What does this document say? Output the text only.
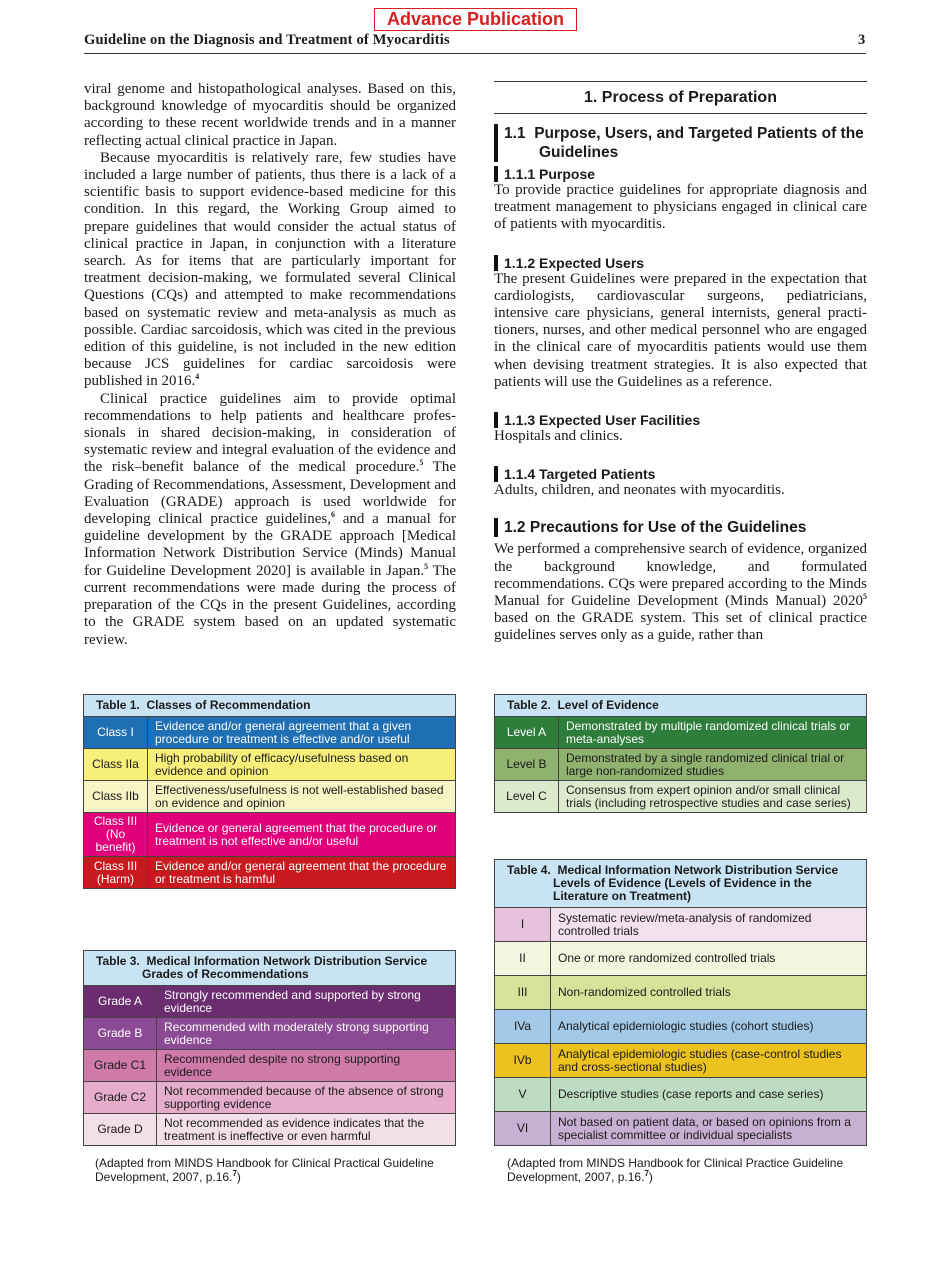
Advance Publication
Guideline on the Diagnosis and Treatment of Myocarditis	3

viral genome and histopathological analyses. Based on this, background knowledge of myocarditis should be organized according to these recent worldwide trends and in a manner reflecting actual clinical practice in Japan.

Because myocarditis is relatively rare, few studies have included a large number of patients, thus there is a lack of a scientific basis to support evidence-based medicine for this condition. In this regard, the Working Group aimed to prepare guidelines that would consider the actual status of clinical practice in Japan, in conjunction with a literature search. As for items that are particularly important for treatment decision-making, we formulated several Clinical Questions (CQs) and attempted to make recommendations based on systematic review and meta-analysis as much as possible. Cardiac sarcoidosis, which was cited in the previous edition of this guideline, is not included in the new edition because JCS guidelines for cardiac sarcoidosis were published in 2016.$^4$

Clinical practice guidelines aim to provide optimal recommendations to help patients and healthcare professionals in shared decision-making, in consideration of systematic review and integral evaluation of the evidence and the risk–benefit balance of the medical procedure.$^5$ The Grading of Recommendations, Assessment, Development and Evaluation (GRADE) approach is used worldwide for developing clinical practice guidelines,$^6$ and a manual for guideline development by the GRADE approach [Medical Information Network Distribution Service (Minds) Manual for Guideline Development 2020] is available in Japan.$^5$ The current recommendations were made during the process of preparation of the CQs in the present Guidelines, according to the GRADE system based on an updated systematic review.

1. Process of Preparation
1.1 Purpose, Users, and Targeted Patients of the
Guidelines
1.1.1 Purpose

To provide practice guidelines for appropriate diagnosis and treatment management to physicians engaged in clinical care of patients with myocarditis.

1.1.2 Expected Users

The present Guidelines were prepared in the expectation that cardiologists, cardiovascular surgeons, pediatricians, intensive care physicians, general internists, general practitioners, nurses, and other medical personnel who are engaged in the clinical care of myocarditis patients would use them when devising treatment strategies. It is also expected that patients will use the Guidelines as a reference.

1.1.3 Expected User Facilities

Hospitals and clinics.

1.1.4 Targeted Patients

Adults, children, and neonates with myocarditis.

1.2 Precautions for Use of the Guidelines

We performed a comprehensive search of evidence, organized the background knowledge, and formulated recommendations. CQs were prepared according to the Minds Manual for Guideline Development (Minds Manual) 2020$^5$ based on the GRADE system. This set of clinical practice guidelines serves only as a guide, rather than

Table 1. Classes of Recommendation	
Class I	Evidence and/or general agreement that a given procedure or treatment is effective and/or useful
Class IIa	High probability of efficacy/usefulness based on evidence and opinion
Class IIb	Effectiveness/usefulness is not well-established based on evidence and opinion
Class III
(No benefit)	Evidence or general agreement that the procedure or treatment is not effective and/or useful
Class III
(Harm)	Evidence and/or general agreement that the procedure or treatment is harmful
Table 2. Level of Evidence	
Level A	Demonstrated by multiple randomized clinical trials or meta-analyses
Level B	Demonstrated by a single randomized clinical trial or large non-randomized studies
Level C	Consensus from expert opinion and/or small clinical trials (including retrospective studies and case series)
Table 3. Medical Information Network Distribution Service Grades of Recommendations	

Grade A	Strongly recommended and supported by strong evidence
Grade B	Recommended with moderately strong supporting evidence
Grade C1	Recommended despite no strong supporting evidence
Grade C2	Not recommended because of the absence of strong supporting evidence
Grade D	Not recommended as evidence indicates that the treatment is ineffective or even harmful
(Adapted from MINDS Handbook for Clinical Practical Guideline Development, 2007, p.16.$^7$)
Table 4. Medical Information Network Distribution Service Levels of Evidence (Levels of Evidence in the Literature on Treatment)	

I	Systematic review/meta-analysis of randomized controlled trials
II	One or more randomized controlled trials
III	Non-randomized controlled trials
IVa	Analytical epidemiologic studies (cohort studies)
IVb	Analytical epidemiologic studies (case-control studies and cross-sectional studies)
V	Descriptive studies (case reports and case series)
VI	Not based on patient data, or based on opinions from a specialist committee or individual specialists
(Adapted from MINDS Handbook for Clinical Practice Guideline Development, 2007, p.16.$^7$)
